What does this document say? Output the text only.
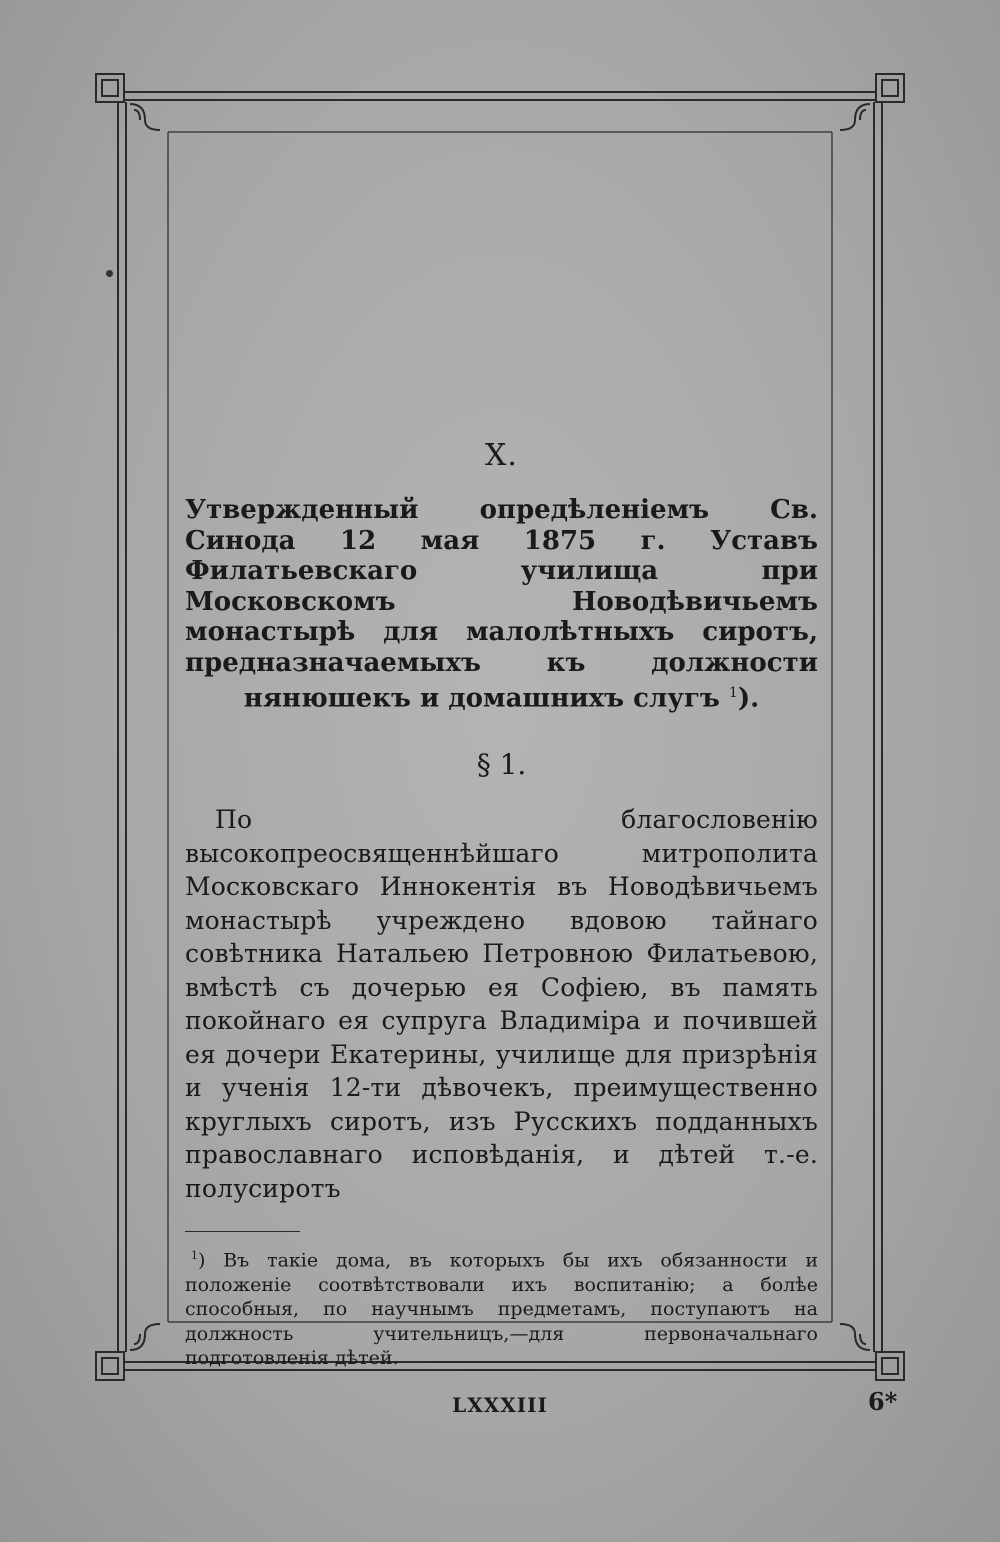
X.

Утвержденный опредѣленіемъ Св. Синода 12 мая 1875 г. Уставъ Филатьевскаго училища при Московскомъ Новодѣвичьемъ монастырѣ для малолѣтныхъ сиротъ, предназначаемыхъ къ должности нянюшекъ и домашнихъ слугъ $^1$).

§ 1.

По благословенію высокопреосвященнѣйшаго митрополита Московскаго Иннокентія въ Новодѣвичьемъ монастырѣ учреждено вдовою тайнаго совѣтника Натальею Петровною Филатьевою, вмѣстѣ съ дочерью ея Софіею, въ память покойнаго ея супруга Владиміра и почившей ея дочери Екатерины, училище для призрѣнія и ученія 12-ти дѣвочекъ, преимущественно круглыхъ сиротъ, изъ Русскихъ подданныхъ православнаго исповѣданія, и дѣтей т.-е. полусиротъ

$^1$) Въ такіе дома, въ которыхъ бы ихъ обязанности и положеніе соотвѣтствовали ихъ воспитанію; а болѣе способныя, по научнымъ предметамъ, поступаютъ на должность учительницъ,—для первоначальнаго подготовленія дѣтей.

LXXXIII	6*
